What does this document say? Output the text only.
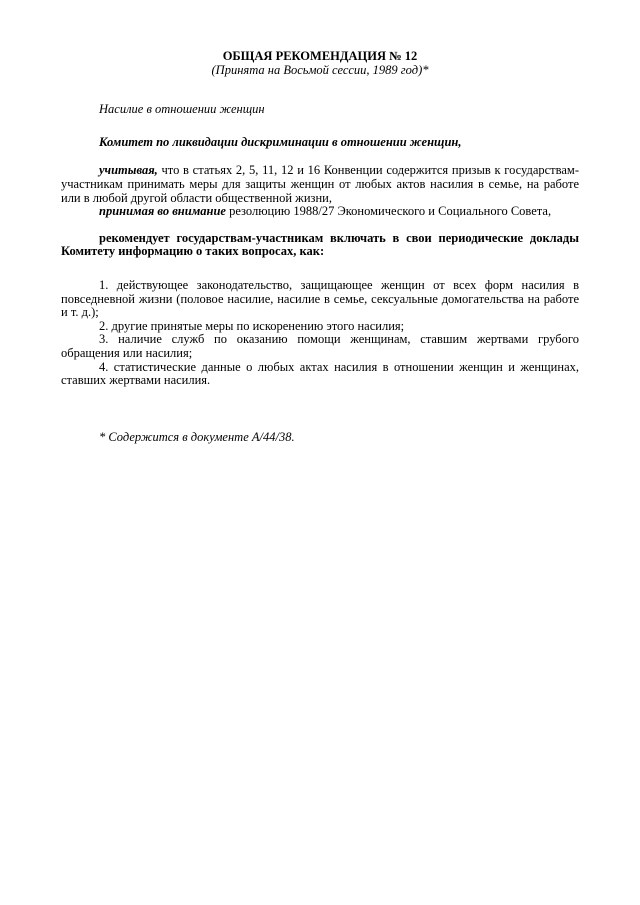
ОБЩАЯ РЕКОМЕНДАЦИЯ № 12
(Принята на Восьмой сессии, 1989 год)*

Насилие в отношении женщин

Комитет по ликвидации дискриминации в отношении женщин,

учитывая, что в статьях 2, 5, 11, 12 и 16 Конвенции содержится призыв к государствам-участникам принимать меры для защиты женщин от любых актов насилия в семье, на работе или в любой другой области общественной жизни,

принимая во внимание резолюцию 1988/27 Экономического и Социального Совета,

рекомендует государствам-участникам включать в свои периодические доклады Комитету информацию о таких вопросах, как:

1. действующее законодательство, защищающее женщин от всех форм насилия в повседневной жизни (половое насилие, насилие в семье, сексуальные домогательства на работе и т. д.);

2. другие принятые меры по искоренению этого насилия;

3. наличие служб по оказанию помощи женщинам, ставшим жертвами грубого обращения или насилия;

4. статистические данные о любых актах насилия в отношении женщин и женщинах, ставших жертвами насилия.

* Содержится в документе А/44/38.
